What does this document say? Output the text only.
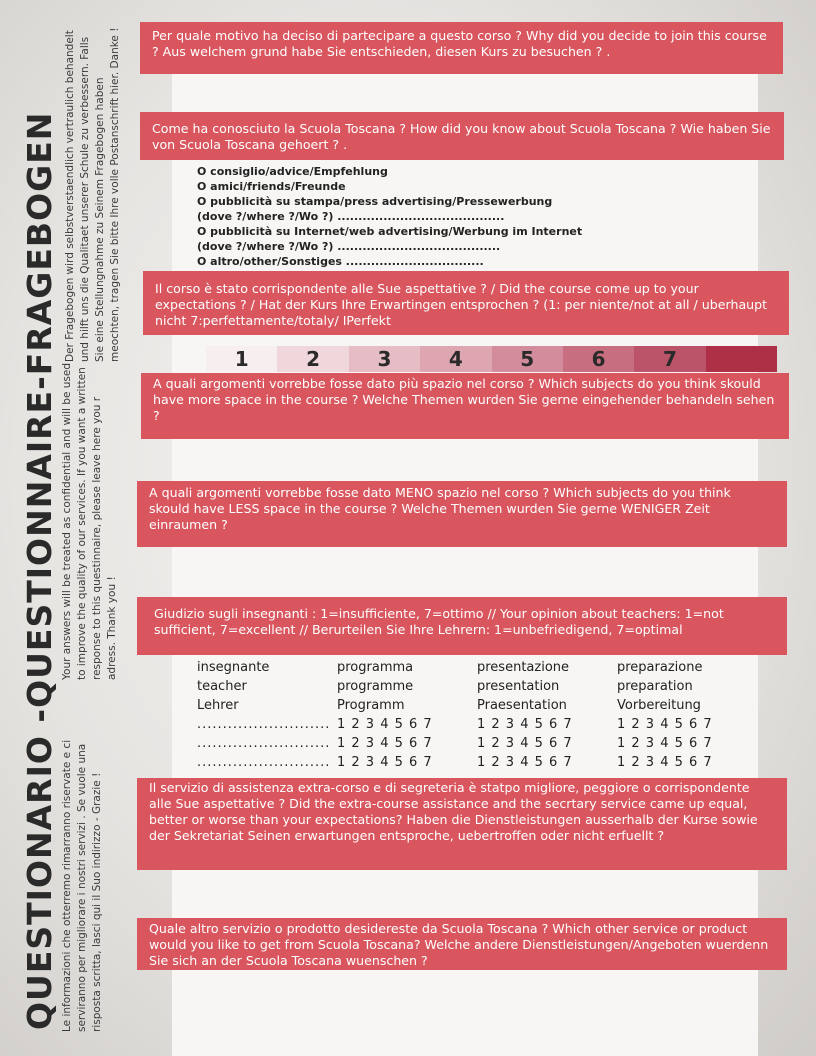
QUESTIONARIO -QUESTIONNAIRE-FRAGEBOGEN Le informazioni che otterremo rimarranno riservate e ci serviranno per migliorare i nostri servizi . Se vuole una risposta scritta, lasci qui il Suo indirizzo - Grazie !
Your answers will be treated as confidential and will be used to improve the quality of our services. If you want a written response to this questinnaire, please leave here you r adress. Thank you !
Der Fragebogen wird selbstverstaendlich vertraulich behandelt und hilft uns die Qualitaet unserer Schule zu verbessern. Falls Sie eine Stellungnahme zu Seinem Fragebogen haben meochten, tragen Sie bitte Ihre volle Postanschrift hier. Danke !	Per quale motivo ha deciso di partecipare a questo corso ? Why did you decide to join this course ? Aus welchem grund habe Sie entschieden, diesen Kurs zu besuchen ? .
Come ha conosciuto la Scuola Toscana ? How did you know about Scuola Toscana ? Wie haben Sie von Scuola Toscana gehoert ? .
O consiglio/advice/Empfehlung
O amici/friends/Freunde
O pubblicità su stampa/press advertising/Pressewerbung
(dove ?/where ?/Wo ?) ........................................
O pubblicità su Internet/web advertising/Werbung im Internet
(dove ?/where ?/Wo ?) .......................................
O altro/other/Sonstiges .................................
Il corso è stato corrispondente alle Sue aspettative ? / Did the course come up to your expectations ? / Hat der Kurs Ihre Erwartingen entsprochen ? (1: per niente/not at all / uberhaupt nicht 7:perfettamente/totaly/ IPerfekt
1	2	3	4	5	6	7
A quali argomenti vorrebbe fosse dato più spazio nel corso ? Which subjects do you think skould have more space in the course ? Welche Themen wurden Sie gerne eingehender behandeln sehen ?
A quali argomenti vorrebbe fosse dato MENO spazio nel corso ? Which subjects do you think skould have LESS space in the course ? Welche Themen wurden Sie gerne WENIGER Zeit einraumen ?
Giudizio sugli insegnanti : 1=insufficiente, 7=ottimo // Your opinion about teachers: 1=not sufficient, 7=excellent // Berurteilen Sie Ihre Lehrern: 1=unbefriedigend, 7=optimal
insegnante	programma	presentazione	preparazione
teacher	programme	presentation	preparation
Lehrer	Programm	Praesentation	Vorbereitung
.......................... 1 2 3 4 5 6 7	1 2 3 4 5 6 7	1 2 3 4 5 6 7
.......................... 1 2 3 4 5 6 7	1 2 3 4 5 6 7	1 2 3 4 5 6 7
.......................... 1 2 3 4 5 6 7	1 2 3 4 5 6 7	1 2 3 4 5 6 7
Il servizio di assistenza extra-corso e di segreteria è statpo migliore, peggiore o corrispondente alle Sue aspettative ? Did the extra-course assistance and the secrtary service came up equal, better or worse than your expectations? Haben die Dienstleistungen ausserhalb der Kurse sowie der Sekretariat Seinen erwartungen entsproche, uebertroffen oder nicht erfuellt ?
Quale altro servizio o prodotto desidereste da Scuola Toscana ? Which other service or product would you like to get from Scuola Toscana? Welche andere Dienstleistungen/Angeboten wuerdenn Sie sich an der Scuola Toscana wuenschen ?
